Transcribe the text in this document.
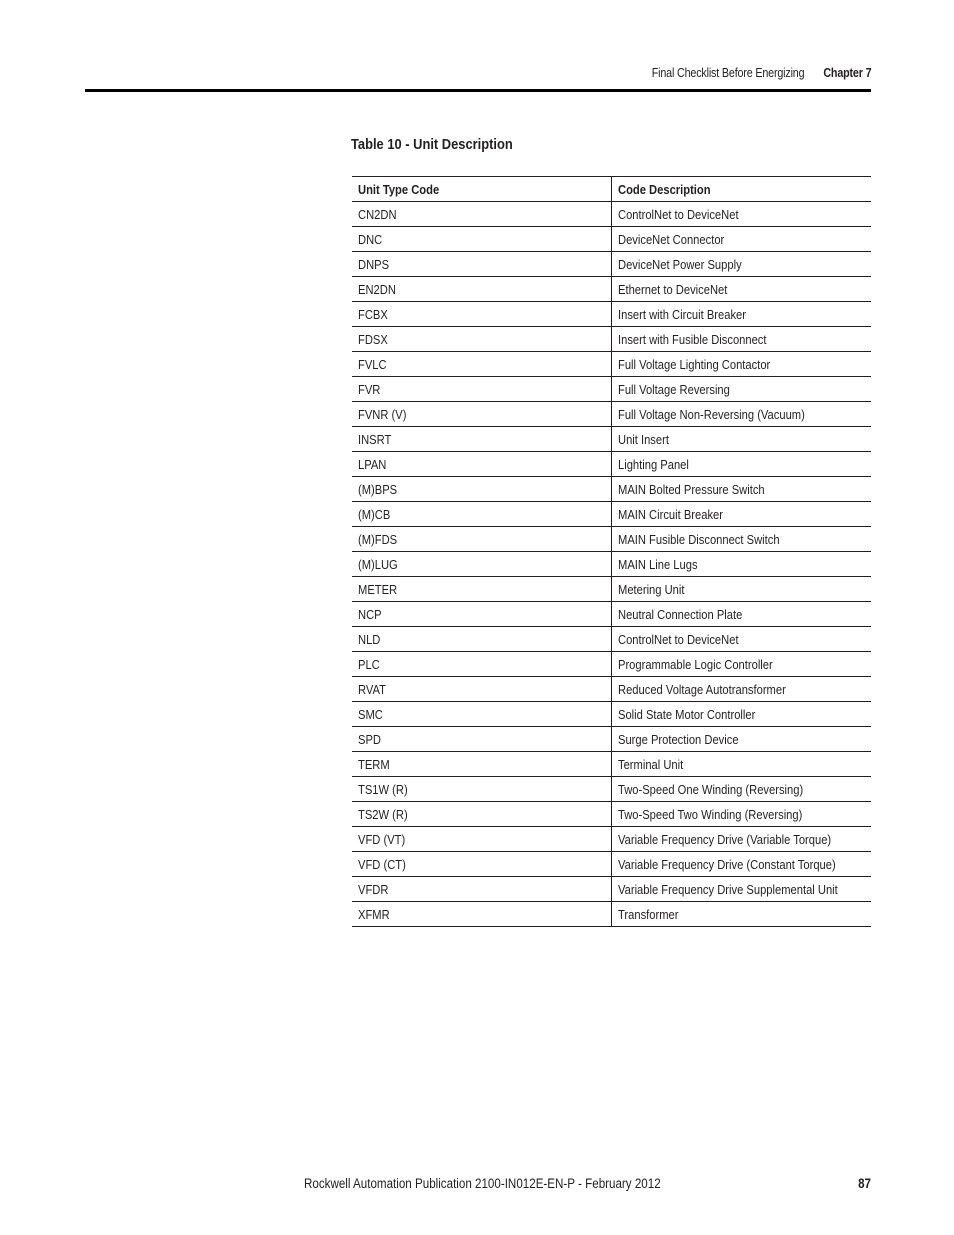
Final Checklist Before Energizing Chapter 7
Table 10 - Unit Description
Unit Type Code	Code Description
CN2DN	ControlNet to DeviceNet
DNC	DeviceNet Connector
DNPS	DeviceNet Power Supply
EN2DN	Ethernet to DeviceNet
FCBX	Insert with Circuit Breaker
FDSX	Insert with Fusible Disconnect
FVLC	Full Voltage Lighting Contactor
FVR	Full Voltage Reversing
FVNR (V)	Full Voltage Non-Reversing (Vacuum)
INSRT	Unit Insert
LPAN	Lighting Panel
(M)BPS	MAIN Bolted Pressure Switch
(M)CB	MAIN Circuit Breaker
(M)FDS	MAIN Fusible Disconnect Switch
(M)LUG	MAIN Line Lugs
METER	Metering Unit
NCP	Neutral Connection Plate
NLD	ControlNet to DeviceNet
PLC	Programmable Logic Controller
RVAT	Reduced Voltage Autotransformer
SMC	Solid State Motor Controller
SPD	Surge Protection Device
TERM	Terminal Unit
TS1W (R)	Two-Speed One Winding (Reversing)
TS2W (R)	Two-Speed Two Winding (Reversing)
VFD (VT)	Variable Frequency Drive (Variable Torque)
VFD (CT)	Variable Frequency Drive (Constant Torque)
VFDR	Variable Frequency Drive Supplemental Unit
XFMR	Transformer
Rockwell Automation Publication 2100-IN012E-EN-P - February 2012	87
